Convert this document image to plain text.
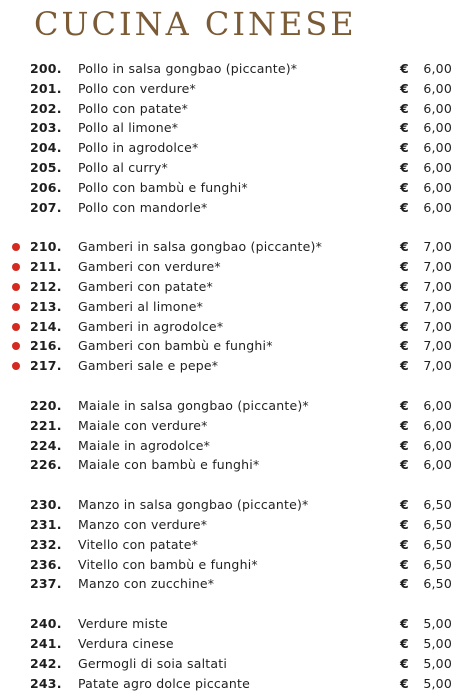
CUCINA CINESE
200.	Pollo in salsa gongbao (piccante)*	€	6,00
201.	Pollo con verdure*	€	6,00
202.	Pollo con patate*	€	6,00
203.	Pollo al limone*	€	6,00
204.	Pollo in agrodolce*	€	6,00
205.	Pollo al curry*	€	6,00
206.	Pollo con bambù e funghi*	€	6,00
207.	Pollo con mandorle*	€	6,00
210.	Gamberi in salsa gongbao (piccante)*	€	7,00
211.	Gamberi con verdure*	€	7,00
212.	Gamberi con patate*	€	7,00
213.	Gamberi al limone*	€	7,00
214.	Gamberi in agrodolce*	€	7,00
216.	Gamberi con bambù e funghi*	€	7,00
217.	Gamberi sale e pepe*	€	7,00
220.	Maiale in salsa gongbao (piccante)*	€	6,00
221.	Maiale con verdure*	€	6,00
224.	Maiale in agrodolce*	€	6,00
226.	Maiale con bambù e funghi*	€	6,00
230.	Manzo in salsa gongbao (piccante)*	€	6,50
231.	Manzo con verdure*	€	6,50
232.	Vitello con patate*	€	6,50
236.	Vitello con bambù e funghi*	€	6,50
237.	Manzo con zucchine*	€	6,50
240.	Verdure miste	€	5,00
241.	Verdura cinese	€	5,00
242.	Germogli di soia saltati	€	5,00
243.	Patate agro dolce piccante	€	5,00
